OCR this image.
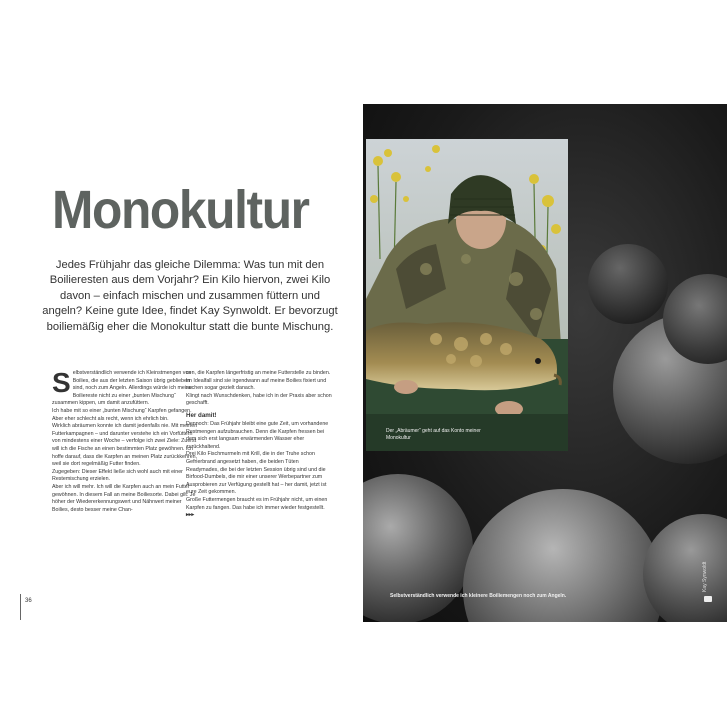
Monokultur

Jedes Frühjahr das gleiche Dilemma: Was tun mit den Boilieresten aus dem Vorjahr? Ein Kilo hiervon, zwei Kilo davon – einfach mischen und zusammen füttern und angeln? Keine gute Idee, findet Kay Synwoldt. Er bevorzugt boiliemäßig eher die Monokultur statt die bunte Mischung.

S elbstverständlich verwende ich Kleinstmengen von Boilies, die aus der letzten Saison übrig geblieben sind, noch zum Angeln. Allerdings würde ich meine Boiliereste nicht zu einer „bunten Mischung“ zusammen kippen, um damit anzufüttern.

Ich habe mit so einer „bunten Mischung“ Karpfen gefangen. Aber eher schlecht als recht, wenn ich ehrlich bin.

Wirklich abräumen konnte ich damit jedenfalls nie. Mit meinen Futterkampagnen – und darunter verstehe ich ein Vorfüttern von mindestens einer Woche – verfolge ich zwei Ziele: Zuerst will ich die Fische an einen bestimmten Platz gewöhnen. Ich hoffe darauf, dass die Karpfen an meinen Platz zurückkehren, weil sie dort regelmäßig Futter finden.

Zugegeben: Dieser Effekt ließe sich wohl auch mit einer Restemischung erzielen.

Aber ich will mehr. Ich will die Karpfen auch an mein Futter gewöhnen. In diesem Fall an meine Boiliesorte. Dabei gilt: Je höher der Wiedererkennungswert und Nährwert meiner Boilies, desto besser meine Chan-

cen, die Karpfen längerfristig an meine Futterstelle zu binden. Im Idealfall sind sie irgendwann auf meine Boilies fixiert und suchen sogar gezielt danach.

Klingt nach Wunschdenken, habe ich in der Praxis aber schon geschafft.

Her damit!

Dennoch: Das Frühjahr bleibt eine gute Zeit, um vorhandene Restmengen aufzubrauchen. Denn die Karpfen fressen bei dem sich erst langsam erwärmenden Wasser eher zurückhaltend.

Drei Kilo Fischmurmeln mit Krill, die in der Truhe schon Gefrierbrand angesetzt haben, die beiden Tüten Readymades, die bei der letzten Session übrig sind und die Birfood-Dumbels, die mir einer unserer Werbepartner zum Ausprobieren zur Verfügung gestellt hat – her damit, jetzt ist eure Zeit gekommen.

Große Futtermengen braucht es im Frühjahr nicht, um einen Karpfen zu fangen. Das habe ich immer wieder festgestellt. ▸▸▸

36
Der „Abräumer“ geht auf das Konto meiner Monokultur
Selbstverständlich verwende ich kleinere Boiliemengen noch zum Angeln.
Kay Synwoldt
